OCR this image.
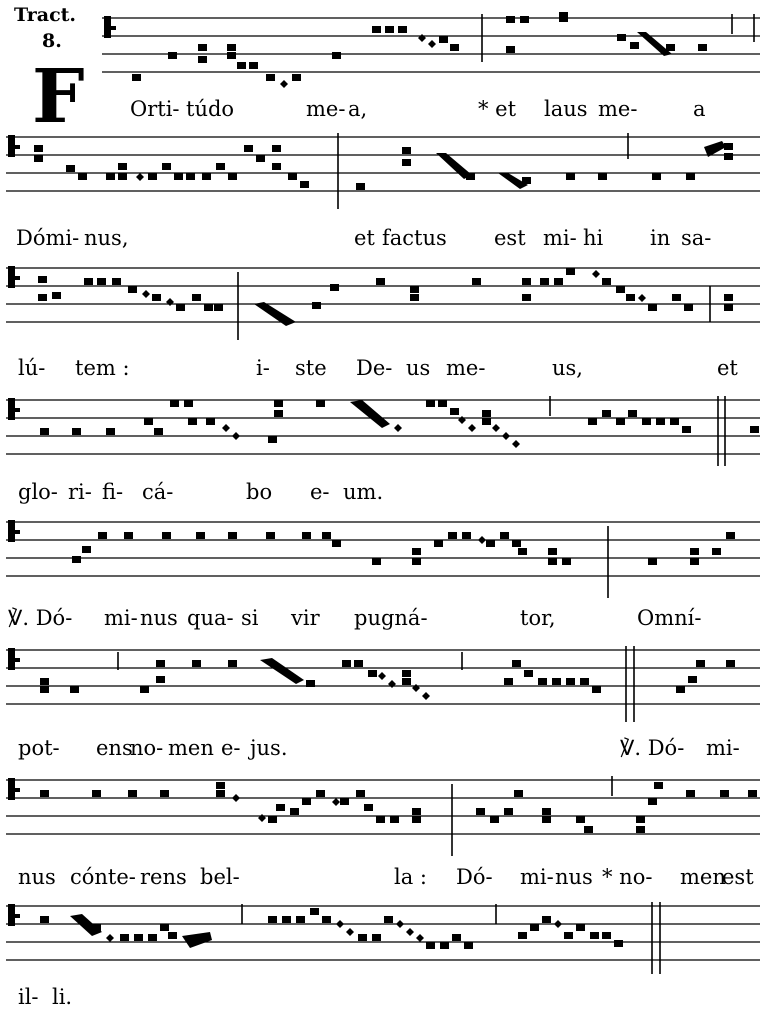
Tract.
8.
F Orti- túdo	me- a,	* et laus me-	a
Dómi- nus,	et factus est mi- hi in sa-
lú- tem :	i- ste De- us me-	us,	et
glo- ri- fi- cá-	bo e- um.
℣. Dó- mi- nus qua- si vir pugná-	tor,	Omní-
pot- ens
no- men e- jus.	℣. Dó- mi-
nus cónte- rens bel-	la : Dó- mi- nus * no- men
est
il- li.
